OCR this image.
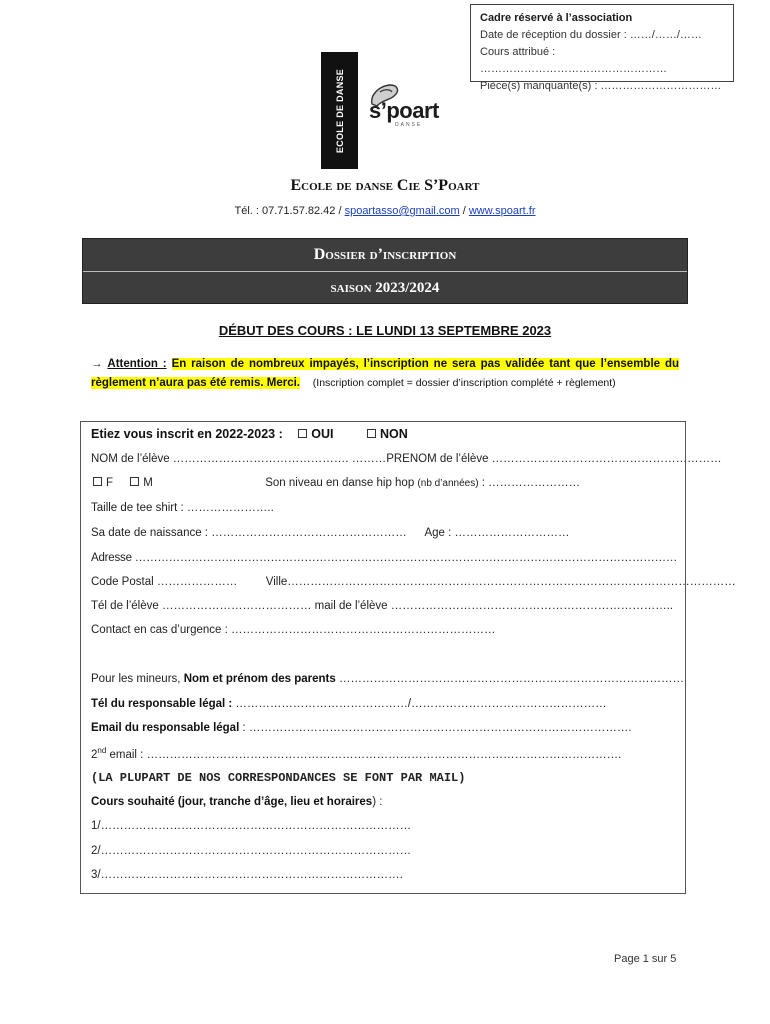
Cadre réservé à l’association
Date de réception du dossier : ……/……/……
Cours attribué : ……………………………………………
Pièce(s) manquante(s) : ……………………………
ECOLE DE DANSE s’poart
DANSE
Ecole de danse Cie S’Poart
Tél. : 07.71.57.82.42 / spoartasso@gmail.com / www.spoart.fr
Dossier d’inscription
saison 2023/2024
DÉBUT DES COURS : LE LUNDI 13 SEPTEMBRE 2023
→ Attention : En raison de nombreux impayés, l’inscription ne sera pas validée tant que l’ensemble du règlement n’aura pas été remis. Merci. (Inscription complet = dossier d’inscription complété + règlement)
Etiez vous inscrit en 2022-2023 : OUI	NON
NOM de l’élève ………………………………………. ………PRENOM de l’élève ……………………………………………………
F	M	Son niveau en danse hip hop (nb d’années) : ……………………
Taille de tee shirt : …………………..
Sa date de naissance : …………………………………………… Age : …………………………
Adresse ………………………………………………………………………………………………………………………………
Code Postal ………………… Ville………………………………………………………………………………………………………
Tél de l’élève ………………………………… mail de l’élève ………………………………………………………………..
Contact en cas d’urgence : ……………………………………………………………
Pour les mineurs, Nom et prénom des parents ………………………………………………………………………………
Tél du responsable légal : ………………………………………/……………………………………………
Email du responsable légal : ……………………………………………………………………………………….
2nd email : …………………………………………………………………………………………………………….
(LA PLUPART DE NOS CORRESPONDANCES SE FONT PAR MAIL)
Cours souhaité (jour, tranche d’âge, lieu et horaires) :
1/………………………………………………………………………
2/………………………………………………………………………
3/…………………………………………………………………….
Page 1 sur 5
